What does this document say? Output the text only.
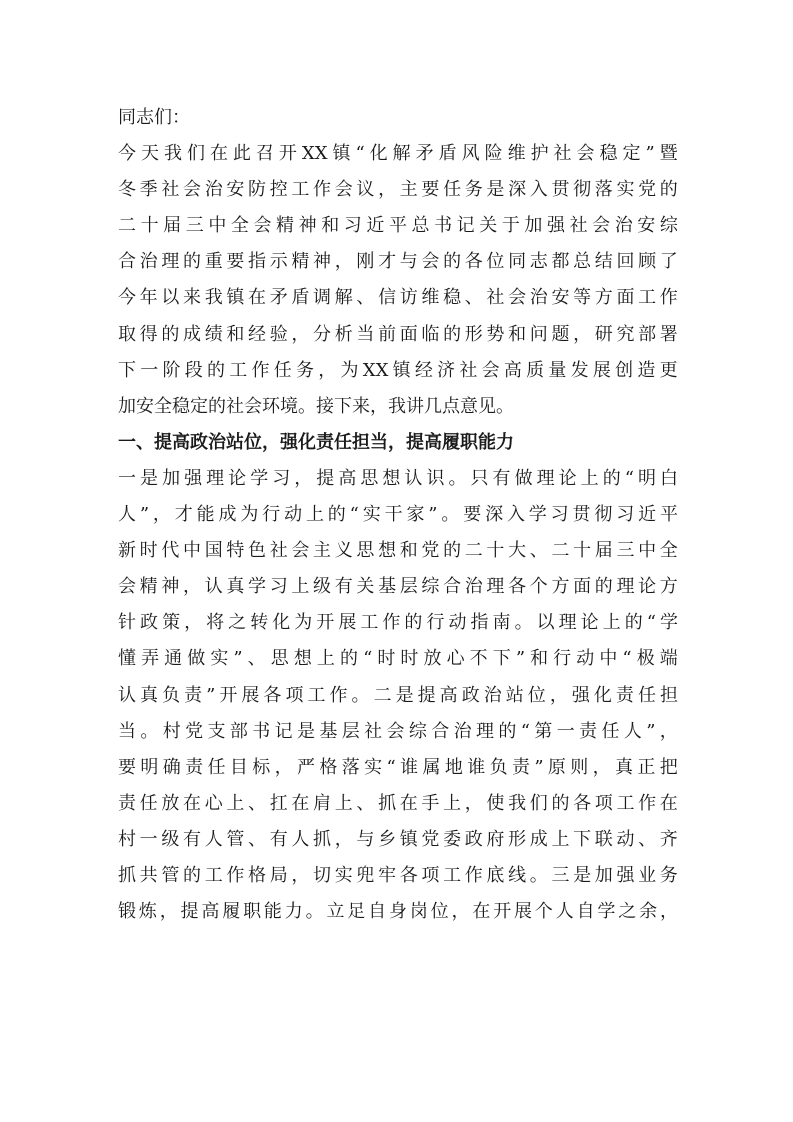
同志们：
今 天 我 们 在 此 召 开 XX 镇 “ 化 解 矛 盾 风 险 维 护 社 会 稳 定 ” 暨
冬 季 社 会 治 安 防 控 工 作 会 议 ， 主 要 任 务 是 深 入 贯 彻 落 实 党 的
二 十 届 三 中 全 会 精 神 和 习 近 平 总 书 记 关 于 加 强 社 会 治 安 综
合 治 理 的 重 要 指 示 精 神 ， 刚 才 与 会 的 各 位 同 志 都 总 结 回 顾 了
今 年 以 来 我 镇 在 矛 盾 调 解 、 信 访 维 稳 、 社 会 治 安 等 方 面 工 作
取 得 的 成 绩 和 经 验 ， 分 析 当 前 面 临 的 形 势 和 问 题 ， 研 究 部 署
下 一 阶 段 的 工 作 任 务 ， 为 XX 镇 经 济 社 会 高 质 量 发 展 创 造 更
加安全稳定的社会环境。接下来，我讲几点意见。
一、提高政治站位，强化责任担当，提高履职能力
一 是 加 强 理 论 学 习 ， 提 高 思 想 认 识 。 只 有 做 理 论 上 的 “ 明 白
人 ” ， 才 能 成 为 行 动 上 的 “ 实 干 家 ” 。 要 深 入 学 习 贯 彻 习 近 平
新 时 代 中 国 特 色 社 会 主 义 思 想 和 党 的 二 十 大 、 二 十 届 三 中 全
会 精 神 ， 认 真 学 习 上 级 有 关 基 层 综 合 治 理 各 个 方 面 的 理 论 方
针 政 策 ， 将 之 转 化 为 开 展 工 作 的 行 动 指 南 。 以 理 论 上 的 “ 学
懂 弄 通 做 实 ” 、 思 想 上 的 “ 时 时 放 心 不 下 ” 和 行 动 中 “ 极 端
认 真 负 责 ” 开 展 各 项 工 作 。 二 是 提 高 政 治 站 位 ， 强 化 责 任 担
当 。 村 党 支 部 书 记 是 基 层 社 会 综 合 治 理 的 “ 第 一 责 任 人 ” ，
要 明 确 责 任 目 标 ， 严 格 落 实 “ 谁 属 地 谁 负 责 ” 原 则 ， 真 正 把
责 任 放 在 心 上 、 扛 在 肩 上 、 抓 在 手 上 ， 使 我 们 的 各 项 工 作 在
村 一 级 有 人 管 、 有 人 抓 ， 与 乡 镇 党 委 政 府 形 成 上 下 联 动 、 齐
抓 共 管 的 工 作 格 局 ， 切 实 兜 牢 各 项 工 作 底 线 。 三 是 加 强 业 务
锻 炼 ， 提 高 履 职 能 力 。 立 足 自 身 岗 位 ， 在 开 展 个 人 自 学 之 余 ，
